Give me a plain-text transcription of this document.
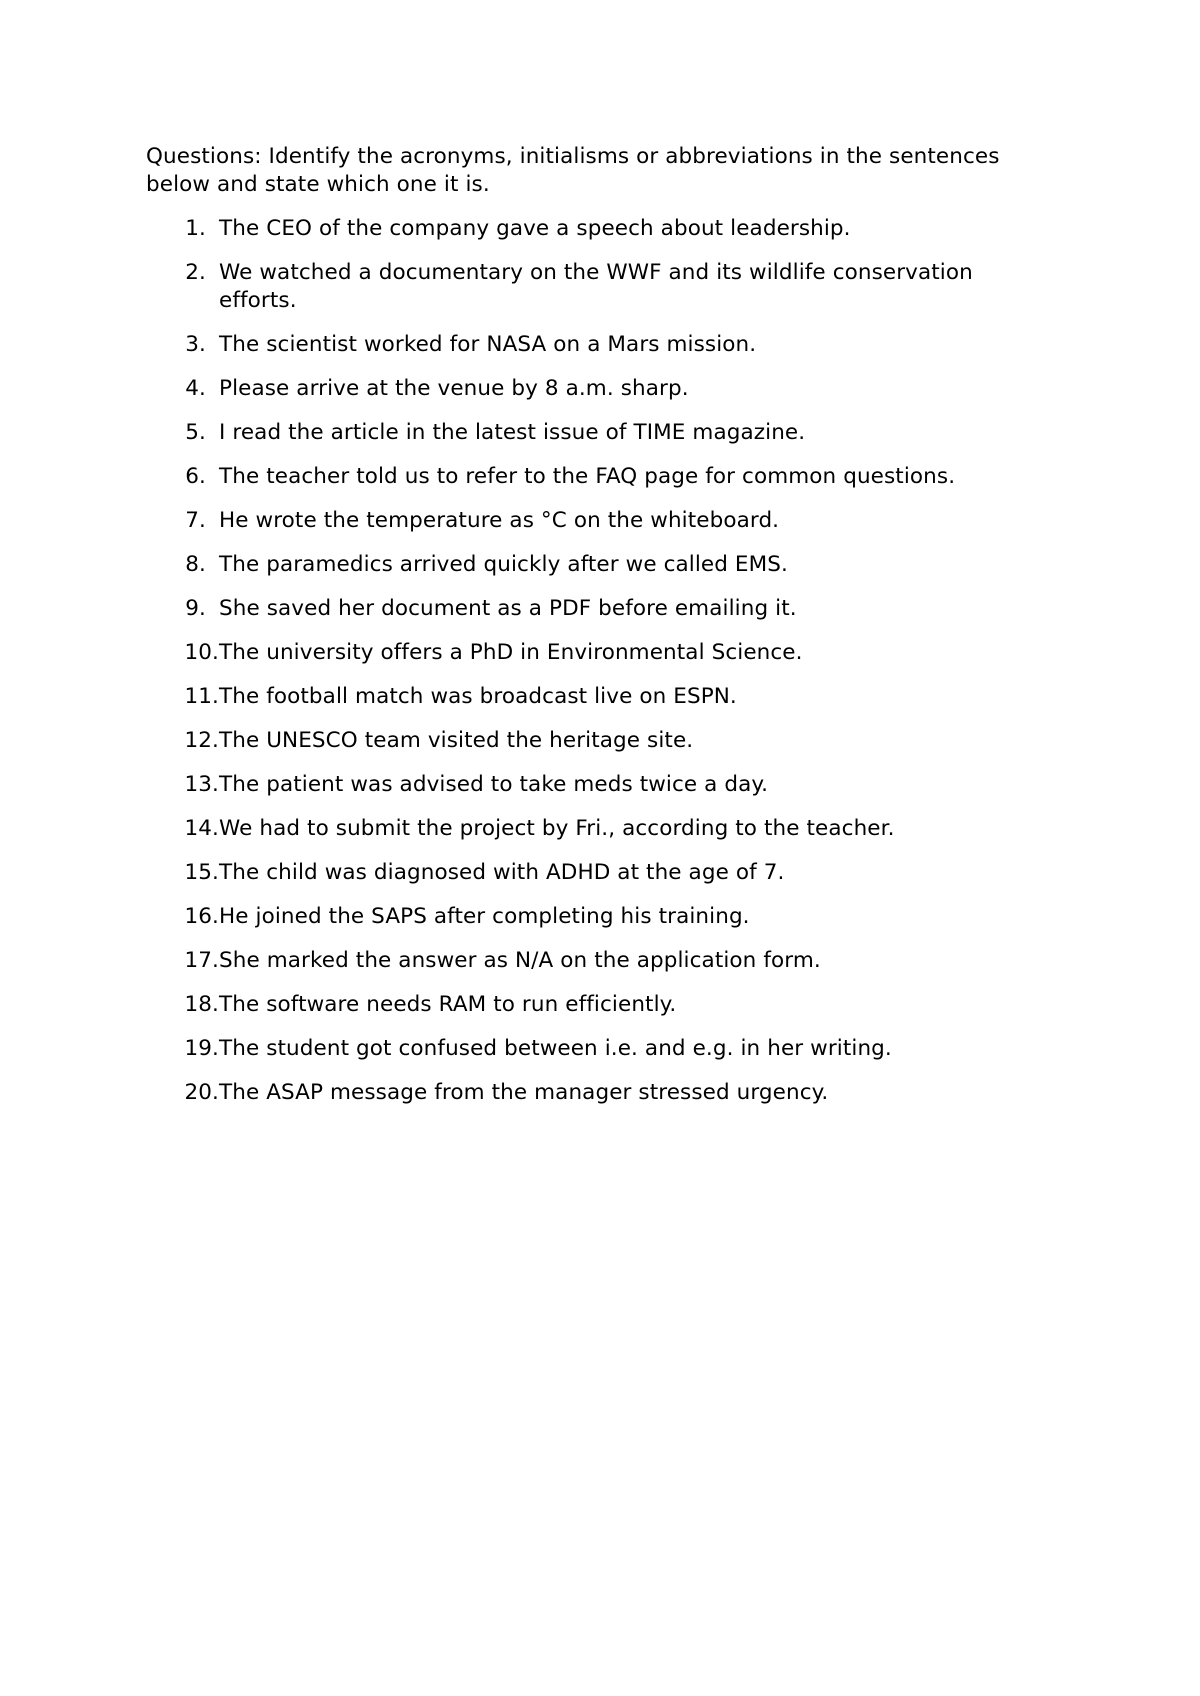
Questions: Identify the acronyms, initialisms or abbreviations in the sentences below and state which one it is.
1. The CEO of the company gave a speech about leadership.
2. We watched a documentary on the WWF and its wildlife conservation efforts.
3. The scientist worked for NASA on a Mars mission.
4. Please arrive at the venue by 8 a.m. sharp.
5. I read the article in the latest issue of TIME magazine.
6. The teacher told us to refer to the FAQ page for common questions.
7. He wrote the temperature as °C on the whiteboard.
8. The paramedics arrived quickly after we called EMS.
9. She saved her document as a PDF before emailing it.
10. The university offers a PhD in Environmental Science.
11. The football match was broadcast live on ESPN.
12. The UNESCO team visited the heritage site.
13. The patient was advised to take meds twice a day.
14. We had to submit the project by Fri., according to the teacher.
15. The child was diagnosed with ADHD at the age of 7.
16. He joined the SAPS after completing his training.
17. She marked the answer as N/A on the application form.
18. The software needs RAM to run efficiently.
19. The student got confused between i.e. and e.g. in her writing.
20. The ASAP message from the manager stressed urgency.
